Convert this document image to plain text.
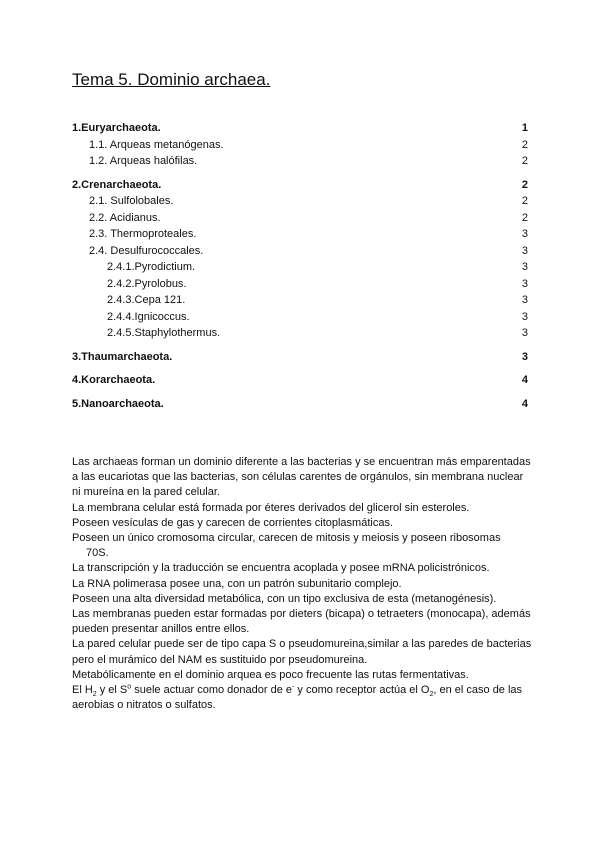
Tema 5. Dominio archaea.
1.Euryarchaeota.	1
1.1. Arqueas metanógenas.	2
1.2. Arqueas halófilas.	2
2.Crenarchaeota.	2
2.1. Sulfolobales.	2
2.2. Acidianus.	2
2.3. Thermoproteales.	3
2.4. Desulfurococcales.	3
2.4.1.Pyrodictium.	3
2.4.2.Pyrolobus.	3
2.4.3.Cepa 121.	3
2.4.4.Ignicoccus.	3
2.4.5.Staphylothermus.	3
3.Thaumarchaeota.	3
4.Korarchaeota.	4
5.Nanoarchaeota.	4

Las archaeas forman un dominio diferente a las bacterias y se encuentran más emparentadas a las eucariotas que las bacterias, son células carentes de orgánulos, sin membrana nuclear ni mureína en la pared celular.

La membrana celular está formada por éteres derivados del glicerol sin esteroles.

Poseen vesículas de gas y carecen de corrientes citoplasmáticas.

Poseen un único cromosoma circular, carecen de mitosis y meiosis y poseen ribosomas

70S.

La transcripción y la traducción se encuentra acoplada y posee mRNA policistrónicos.

La RNA polimerasa posee una, con un patrón subunitario complejo.

Poseen una alta diversidad metabólica, con un tipo exclusiva de esta (metanogénesis).

Las membranas pueden estar formadas por dieters (bicapa) o tetraeters (monocapa), además pueden presentar anillos entre ellos.

La pared celular puede ser de tipo capa S o pseudomureina,similar a las paredes de bacterias pero el murámico del NAM es sustituido por pseudomureina.

Metabólicamente en el dominio arquea es poco frecuente las rutas fermentativas.

El $H_2$ y el $S^o$ suele actuar como donador de e- y como receptor actúa el $O_2$, en el caso de las aerobias o nitratos o sulfatos.
